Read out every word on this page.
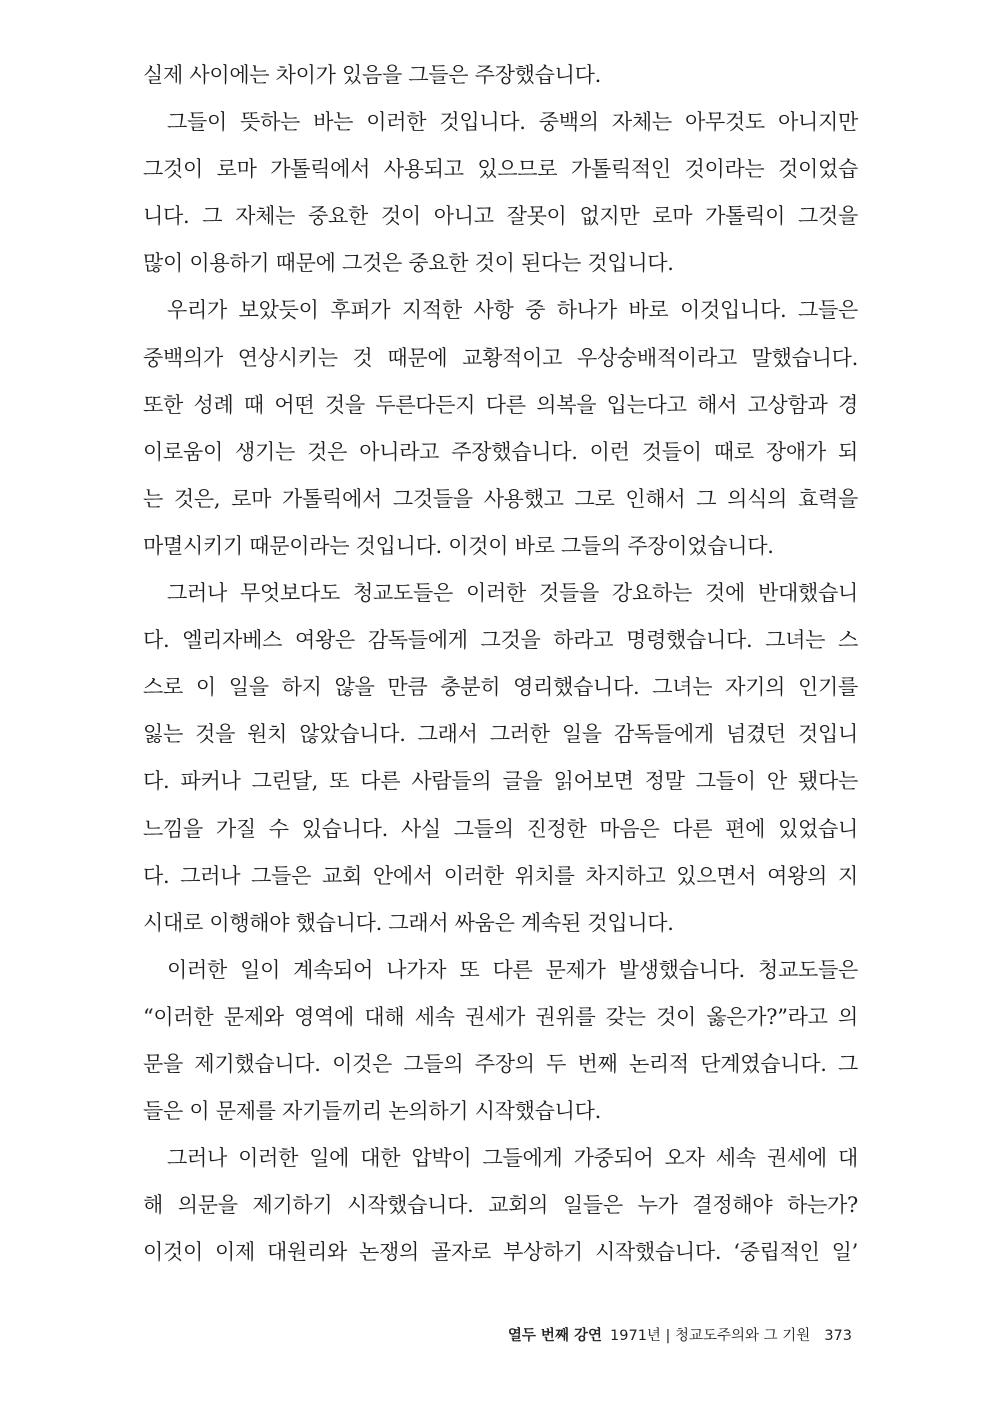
실제 사이에는 차이가 있음을 그들은 주장했습니다.
그들이 뜻하는 바는 이러한 것입니다. 중백의 자체는 아무것도 아니지만
그것이 로마 가톨릭에서 사용되고 있으므로 가톨릭적인 것이라는 것이었습
니다. 그 자체는 중요한 것이 아니고 잘못이 없지만 로마 가톨릭이 그것을
많이 이용하기 때문에 그것은 중요한 것이 된다는 것입니다.
우리가 보았듯이 후퍼가 지적한 사항 중 하나가 바로 이것입니다. 그들은
중백의가 연상시키는 것 때문에 교황적이고 우상숭배적이라고 말했습니다.
또한 성례 때 어떤 것을 두른다든지 다른 의복을 입는다고 해서 고상함과 경
이로움이 생기는 것은 아니라고 주장했습니다. 이런 것들이 때로 장애가 되
는 것은, 로마 가톨릭에서 그것들을 사용했고 그로 인해서 그 의식의 효력을
마멸시키기 때문이라는 것입니다. 이것이 바로 그들의 주장이었습니다.
그러나 무엇보다도 청교도들은 이러한 것들을 강요하는 것에 반대했습니
다. 엘리자베스 여왕은 감독들에게 그것을 하라고 명령했습니다. 그녀는 스
스로 이 일을 하지 않을 만큼 충분히 영리했습니다. 그녀는 자기의 인기를
잃는 것을 원치 않았습니다. 그래서 그러한 일을 감독들에게 넘겼던 것입니
다. 파커나 그린달, 또 다른 사람들의 글을 읽어보면 정말 그들이 안 됐다는
느낌을 가질 수 있습니다. 사실 그들의 진정한 마음은 다른 편에 있었습니
다. 그러나 그들은 교회 안에서 이러한 위치를 차지하고 있으면서 여왕의 지
시대로 이행해야 했습니다. 그래서 싸움은 계속된 것입니다.
이러한 일이 계속되어 나가자 또 다른 문제가 발생했습니다. 청교도들은
“이러한 문제와 영역에 대해 세속 권세가 권위를 갖는 것이 옳은가?”라고 의
문을 제기했습니다. 이것은 그들의 주장의 두 번째 논리적 단계였습니다. 그
들은 이 문제를 자기들끼리 논의하기 시작했습니다.
그러나 이러한 일에 대한 압박이 그들에게 가중되어 오자 세속 권세에 대
해 의문을 제기하기 시작했습니다. 교회의 일들은 누가 결정해야 하는가?
이것이 이제 대원리와 논쟁의 골자로 부상하기 시작했습니다. ‘중립적인 일’
열두 번째 강연 1971년 | 청교도주의와 그 기원 373
